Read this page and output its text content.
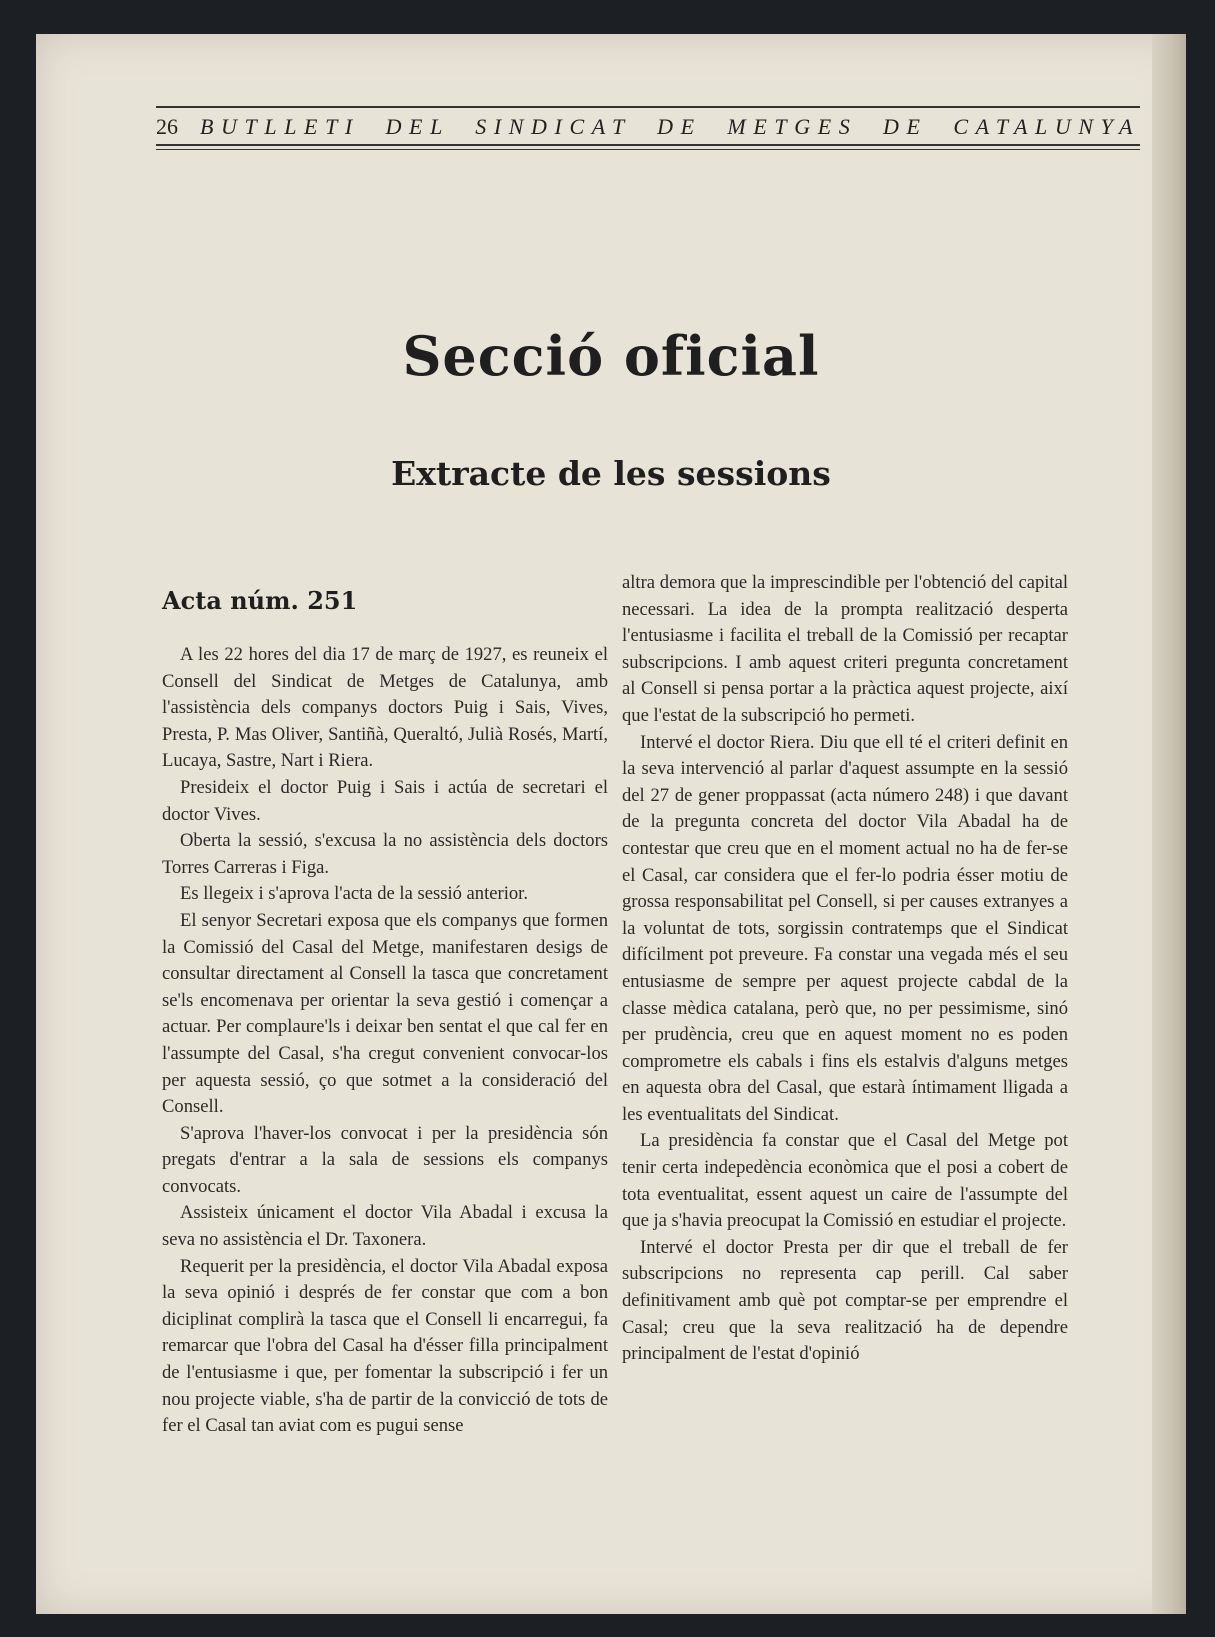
26 BUTLLETI DEL SINDICAT DE METGES DE CATALUNYA
Secció oficial
Extracte de les sessions
Acta núm. 251

A les 22 hores del dia 17 de març de 1927, es reuneix el Consell del Sindicat de Metges de Catalunya, amb l'assistència dels companys doctors Puig i Sais, Vives, Presta, P. Mas Oliver, Santiñà, Queraltó, Julià Rosés, Martí, Lucaya, Sastre, Nart i Riera.

Presideix el doctor Puig i Sais i actúa de secretari el doctor Vives.

Oberta la sessió, s'excusa la no assistència dels doctors Torres Carreras i Figa.

Es llegeix i s'aprova l'acta de la sessió anterior.

El senyor Secretari exposa que els companys que formen la Comissió del Casal del Metge, manifestaren desigs de consultar directament al Consell la tasca que concretament se'ls encomenava per orientar la seva gestió i començar a actuar. Per complaure'ls i deixar ben sentat el que cal fer en l'assumpte del Casal, s'ha cregut convenient convocar-los per aquesta sessió, ço que sotmet a la consideració del Consell.

S'aprova l'haver-los convocat i per la presidència són pregats d'entrar a la sala de sessions els companys convocats.

Assisteix únicament el doctor Vila Abadal i excusa la seva no assistència el Dr. Taxonera.

Requerit per la presidència, el doctor Vila Abadal exposa la seva opinió i després de fer constar que com a bon diciplinat complirà la tasca que el Consell li encarregui, fa remarcar que l'obra del Casal ha d'ésser filla principalment de l'entusiasme i que, per fomentar la subscripció i fer un nou projecte viable, s'ha de partir de la convicció de tots de fer el Casal tan aviat com es pugui sense

altra demora que la imprescindible per l'obtenció del capital necessari. La idea de la prompta realització desperta l'entusiasme i facilita el treball de la Comissió per recaptar subscripcions. I amb aquest criteri pregunta concretament al Consell si pensa portar a la pràctica aquest projecte, així que l'estat de la subscripció ho permeti.

Intervé el doctor Riera. Diu que ell té el criteri definit en la seva intervenció al parlar d'aquest assumpte en la sessió del 27 de gener proppassat (acta número 248) i que davant de la pregunta concreta del doctor Vila Abadal ha de contestar que creu que en el moment actual no ha de fer-se el Casal, car considera que el fer-lo podria ésser motiu de grossa responsabilitat pel Consell, si per causes extranyes a la voluntat de tots, sorgissin contratemps que el Sindicat difícilment pot preveure. Fa constar una vegada més el seu entusiasme de sempre per aquest projecte cabdal de la classe mèdica catalana, però que, no per pessimisme, sinó per prudència, creu que en aquest moment no es poden comprometre els cabals i fins els estalvis d'alguns metges en aquesta obra del Casal, que estarà íntimament lligada a les eventualitats del Sindicat.

La presidència fa constar que el Casal del Metge pot tenir certa indepedència econòmica que el posi a cobert de tota eventualitat, essent aquest un caire de l'assumpte del que ja s'havia preocupat la Comissió en estudiar el projecte.

Intervé el doctor Presta per dir que el treball de fer subscripcions no representa cap perill. Cal saber definitivament amb què pot comptar-se per emprendre el Casal; creu que la seva realització ha de dependre principalment de l'estat d'opinió
